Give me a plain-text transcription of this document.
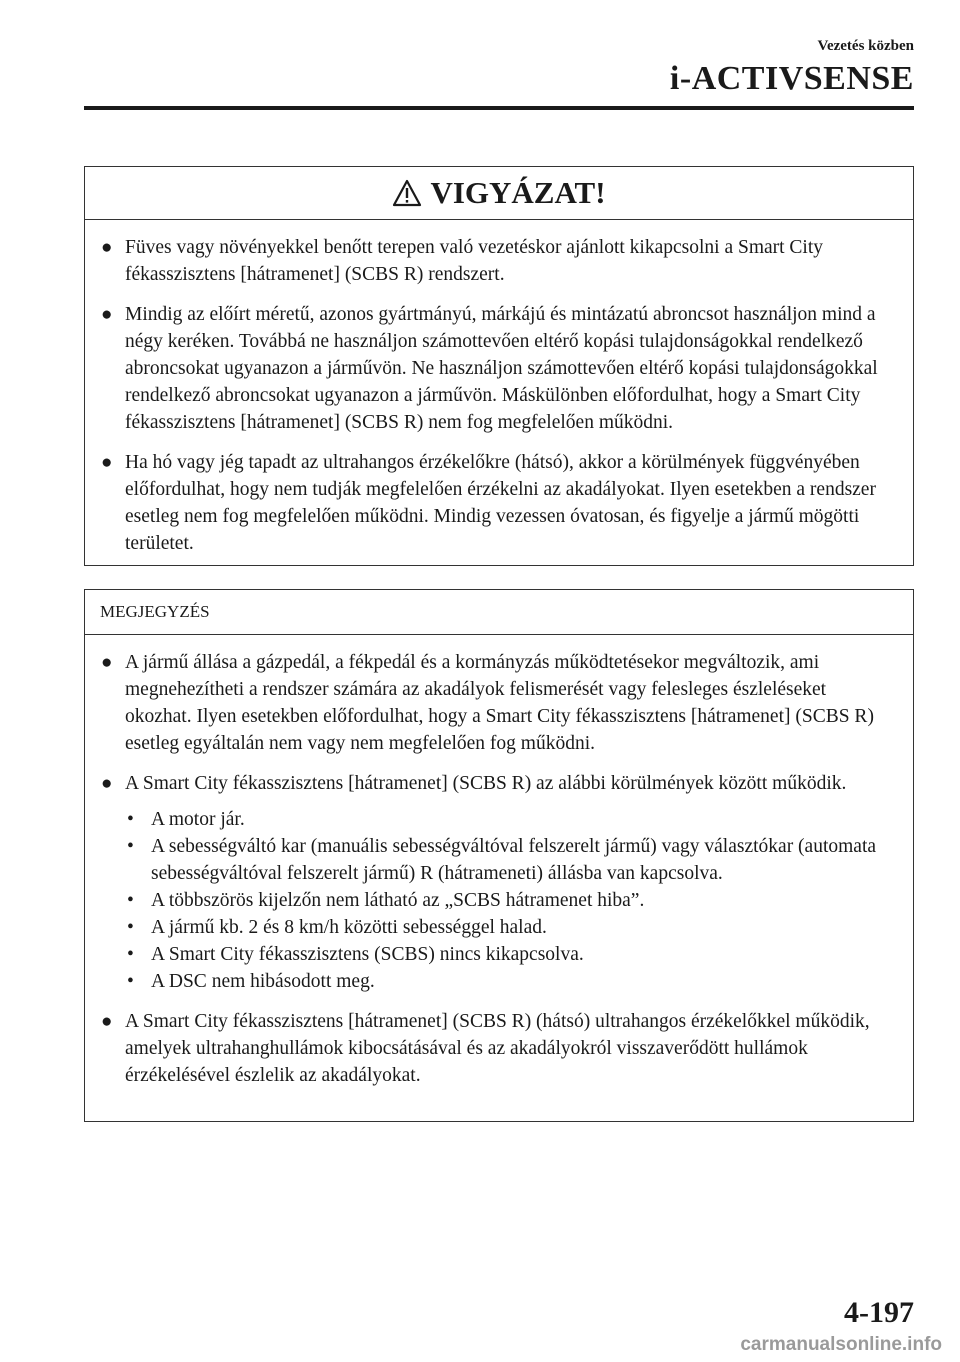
Vezetés közben
i-ACTIVSENSE
VIGYÁZAT!
● Füves vagy növényekkel benőtt terepen való vezetéskor ajánlott kikapcsolni a Smart City fékasszisztens [hátramenet] (SCBS R) rendszert.
● Mindig az előírt méretű, azonos gyártmányú, márkájú és mintázatú abroncsot használjon mind a négy keréken. Továbbá ne használjon számottevően eltérő kopási tulajdonságokkal rendelkező abroncsokat ugyanazon a járművön. Ne használjon számottevően eltérő kopási tulajdonságokkal rendelkező abroncsokat ugyanazon a járművön. Máskülönben előfordulhat, hogy a Smart City fékasszisztens [hátramenet] (SCBS R) nem fog megfelelően működni.
● Ha hó vagy jég tapadt az ultrahangos érzékelőkre (hátsó), akkor a körülmények függvényében előfordulhat, hogy nem tudják megfelelően érzékelni az akadályokat. Ilyen esetekben a rendszer esetleg nem fog megfelelően működni. Mindig vezessen óvatosan, és figyelje a jármű mögötti területet.
MEGJEGYZÉS
● A jármű állása a gázpedál, a fékpedál és a kormányzás működtetésekor megváltozik, ami megnehezítheti a rendszer számára az akadályok felismerését vagy felesleges észleléseket okozhat. Ilyen esetekben előfordulhat, hogy a Smart City fékasszisztens [hátramenet] (SCBS R) esetleg egyáltalán nem vagy nem megfelelően fog működni.
● A Smart City fékasszisztens [hátramenet] (SCBS R) az alábbi körülmények között működik.
• A motor jár.
• A sebességváltó kar (manuális sebességváltóval felszerelt jármű) vagy választókar (automata sebességváltóval felszerelt jármű) R (hátrameneti) állásba van kapcsolva.
• A többszörös kijelzőn nem látható az „SCBS hátramenet hiba”.
• A jármű kb. 2 és 8 km/h közötti sebességgel halad.
• A Smart City fékasszisztens (SCBS) nincs kikapcsolva.
• A DSC nem hibásodott meg.
● A Smart City fékasszisztens [hátramenet] (SCBS R) (hátsó) ultrahangos érzékelőkkel működik, amelyek ultrahanghullámok kibocsátásával és az akadályokról visszaverődött hullámok érzékelésével észlelik az akadályokat.
4-197
carmanualsonline.info
